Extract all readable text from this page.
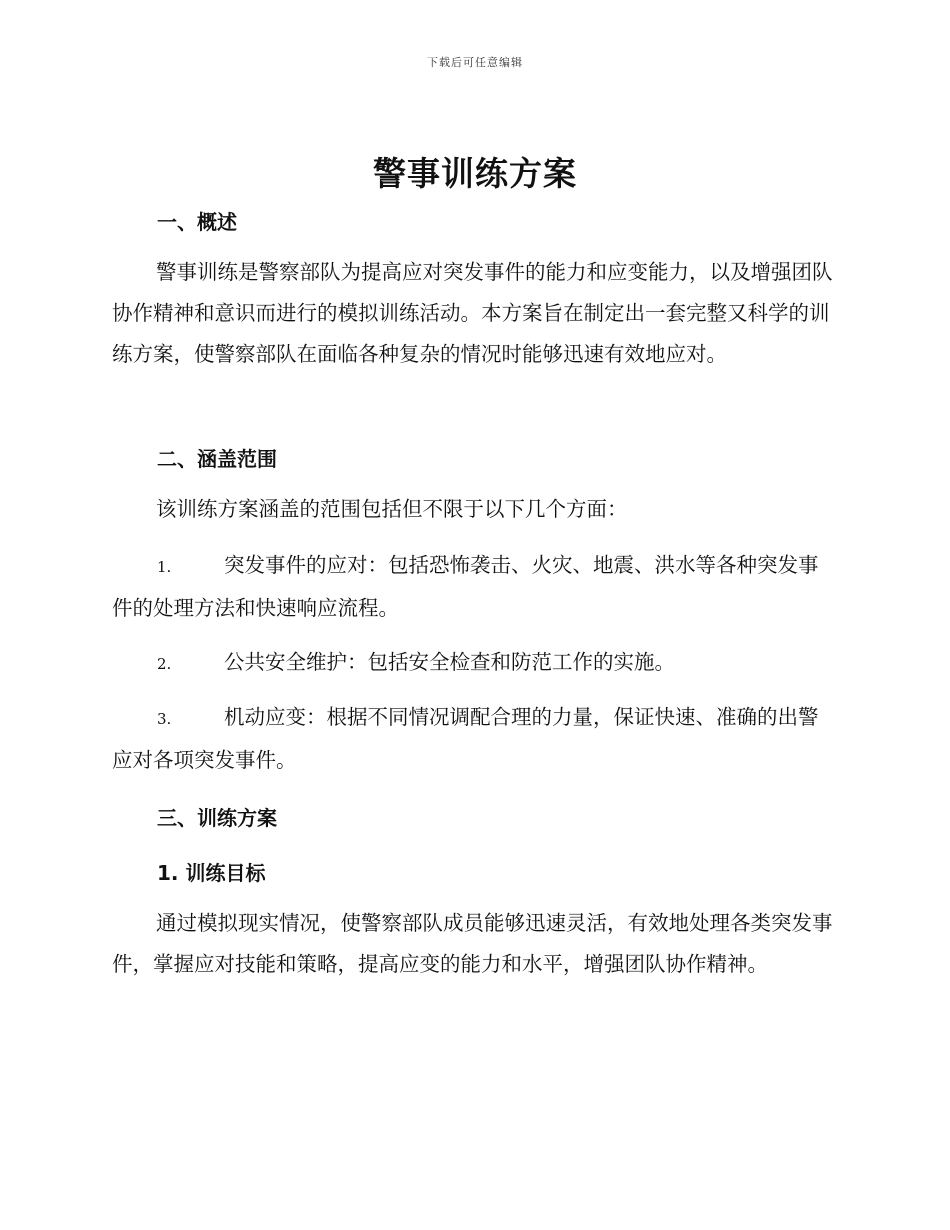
下载后可任意编辑
警事训练方案
一、概述

警事训练是警察部队为提高应对突发事件的能力和应变能力，以及增强团队协作精神和意识而进行的模拟训练活动。本方案旨在制定出一套完整又科学的训练方案，使警察部队在面临各种复杂的情况时能够迅速有效地应对。

二、涵盖范围

该训练方案涵盖的范围包括但不限于以下几个方面：

1.	突发事件的应对：包括恐怖袭击、火灾、地震、洪水等各种突发事件的处理方法和快速响应流程。

2.	公共安全维护：包括安全检查和防范工作的实施。

3.	机动应变：根据不同情况调配合理的力量，保证快速、准确的出警应对各项突发事件。

三、训练方案
1. 训练目标

通过模拟现实情况，使警察部队成员能够迅速灵活，有效地处理各类突发事件，掌握应对技能和策略，提高应变的能力和水平，增强团队协作精神。
